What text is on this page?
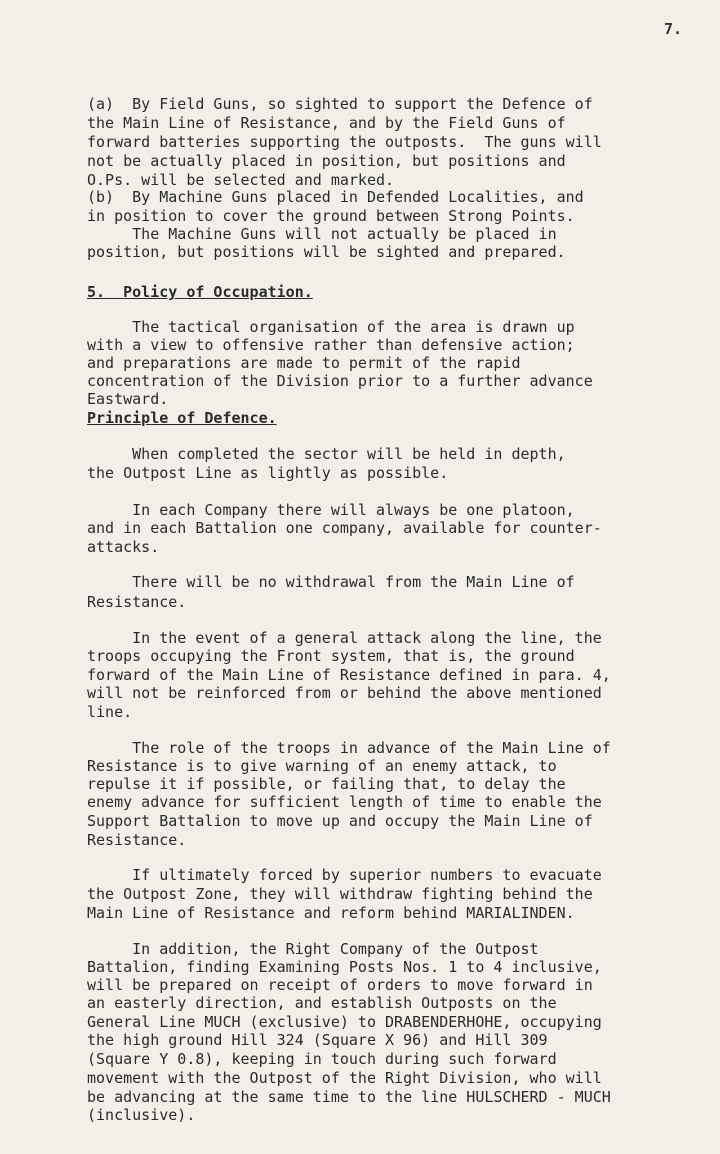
7.
(a)  By Field Guns, so sighted to support the Defence of
the Main Line of Resistance, and by the Field Guns of
forward batteries supporting the outposts.  The guns will
not be actually placed in position, but positions and
O.Ps. will be selected and marked.
(b)  By Machine Guns placed in Defended Localities, and
in position to cover the ground between Strong Points.
The Machine Guns will not actually be placed in
position, but positions will be sighted and prepared.
5.  Policy of Occupation.
The tactical organisation of the area is drawn up
with a view to offensive rather than defensive action;
and preparations are made to permit of the rapid
concentration of the Division prior to a further advance
Eastward.
Principle of Defence.
When completed the sector will be held in depth,
the Outpost Line as lightly as possible.
In each Company there will always be one platoon,
and in each Battalion one company, available for counter-
attacks.
There will be no withdrawal from the Main Line of
Resistance.
In the event of a general attack along the line, the
troops occupying the Front system, that is, the ground
forward of the Main Line of Resistance defined in para. 4,
will not be reinforced from or behind the above mentioned
line.
The role of the troops in advance of the Main Line of
Resistance is to give warning of an enemy attack, to
repulse it if possible, or failing that, to delay the
enemy advance for sufficient length of time to enable the
Support Battalion to move up and occupy the Main Line of
Resistance.
If ultimately forced by superior numbers to evacuate
the Outpost Zone, they will withdraw fighting behind the
Main Line of Resistance and reform behind MARIALINDEN.
In addition, the Right Company of the Outpost
Battalion, finding Examining Posts Nos. 1 to 4 inclusive,
will be prepared on receipt of orders to move forward in
an easterly direction, and establish Outposts on the
General Line MUCH (exclusive) to DRABENDERHOHE, occupying
the high ground Hill 324 (Square X 96) and Hill 309
(Square Y 0.8), keeping in touch during such forward
movement with the Outpost of the Right Division, who will
be advancing at the same time to the line HULSCHERD - MUCH
(inclusive).
